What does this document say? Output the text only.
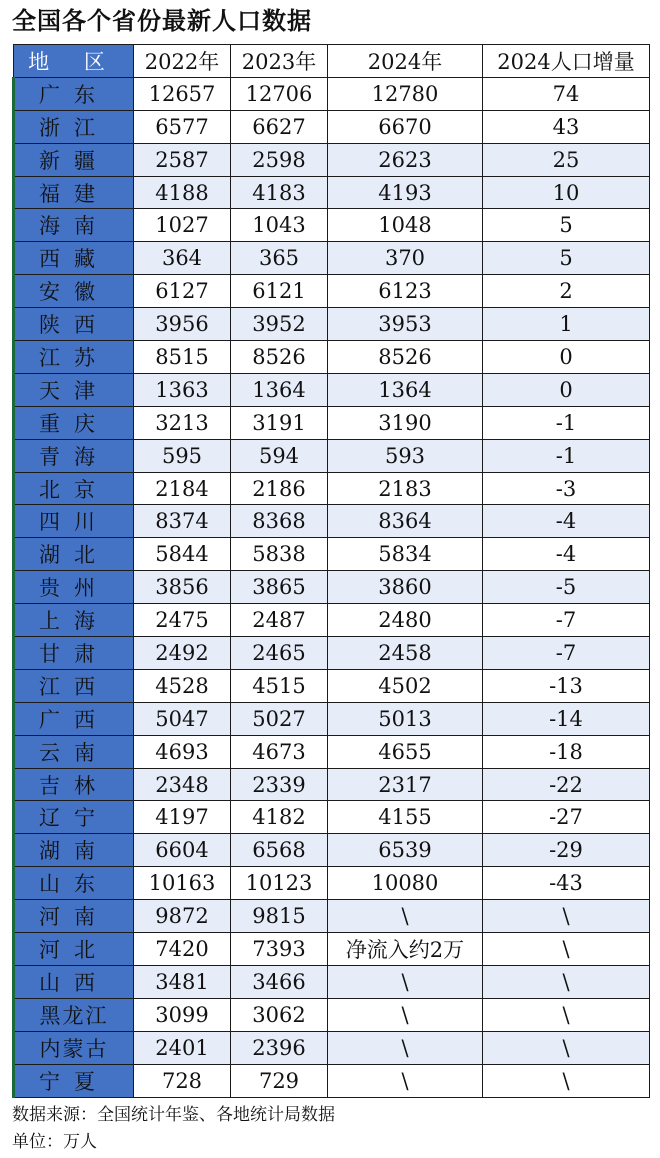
全国各个省份最新人口数据
地 区	2022年	2023年	2024年	2024人口增量
广东	12657	12706	12780	74
浙江	6577	6627	6670	43
新疆	2587	2598	2623	25
福建	4188	4183	4193	10
海南	1027	1043	1048	5
西藏	364	365	370	5
安徽	6127	6121	6123	2
陕西	3956	3952	3953	1
江苏	8515	8526	8526	0
天津	1363	1364	1364	0
重庆	3213	3191	3190	-1
青海	595	594	593	-1
北京	2184	2186	2183	-3
四川	8374	8368	8364	-4
湖北	5844	5838	5834	-4
贵州	3856	3865	3860	-5
上海	2475	2487	2480	-7
甘肃	2492	2465	2458	-7
江西	4528	4515	4502	-13
广西	5047	5027	5013	-14
云南	4693	4673	4655	-18
吉林	2348	2339	2317	-22
辽宁	4197	4182	4155	-27
湖南	6604	6568	6539	-29
山东	10163	10123	10080	-43
河南	9872	9815	\	\
河北	7420	7393	净流入约2万	\
山西	3481	3466	\	\
黑龙江	3099	3062	\	\
内蒙古	2401	2396	\	\
宁夏	728	729	\	\
数据来源：全国统计年鉴、各地统计局数据
单位：万人
